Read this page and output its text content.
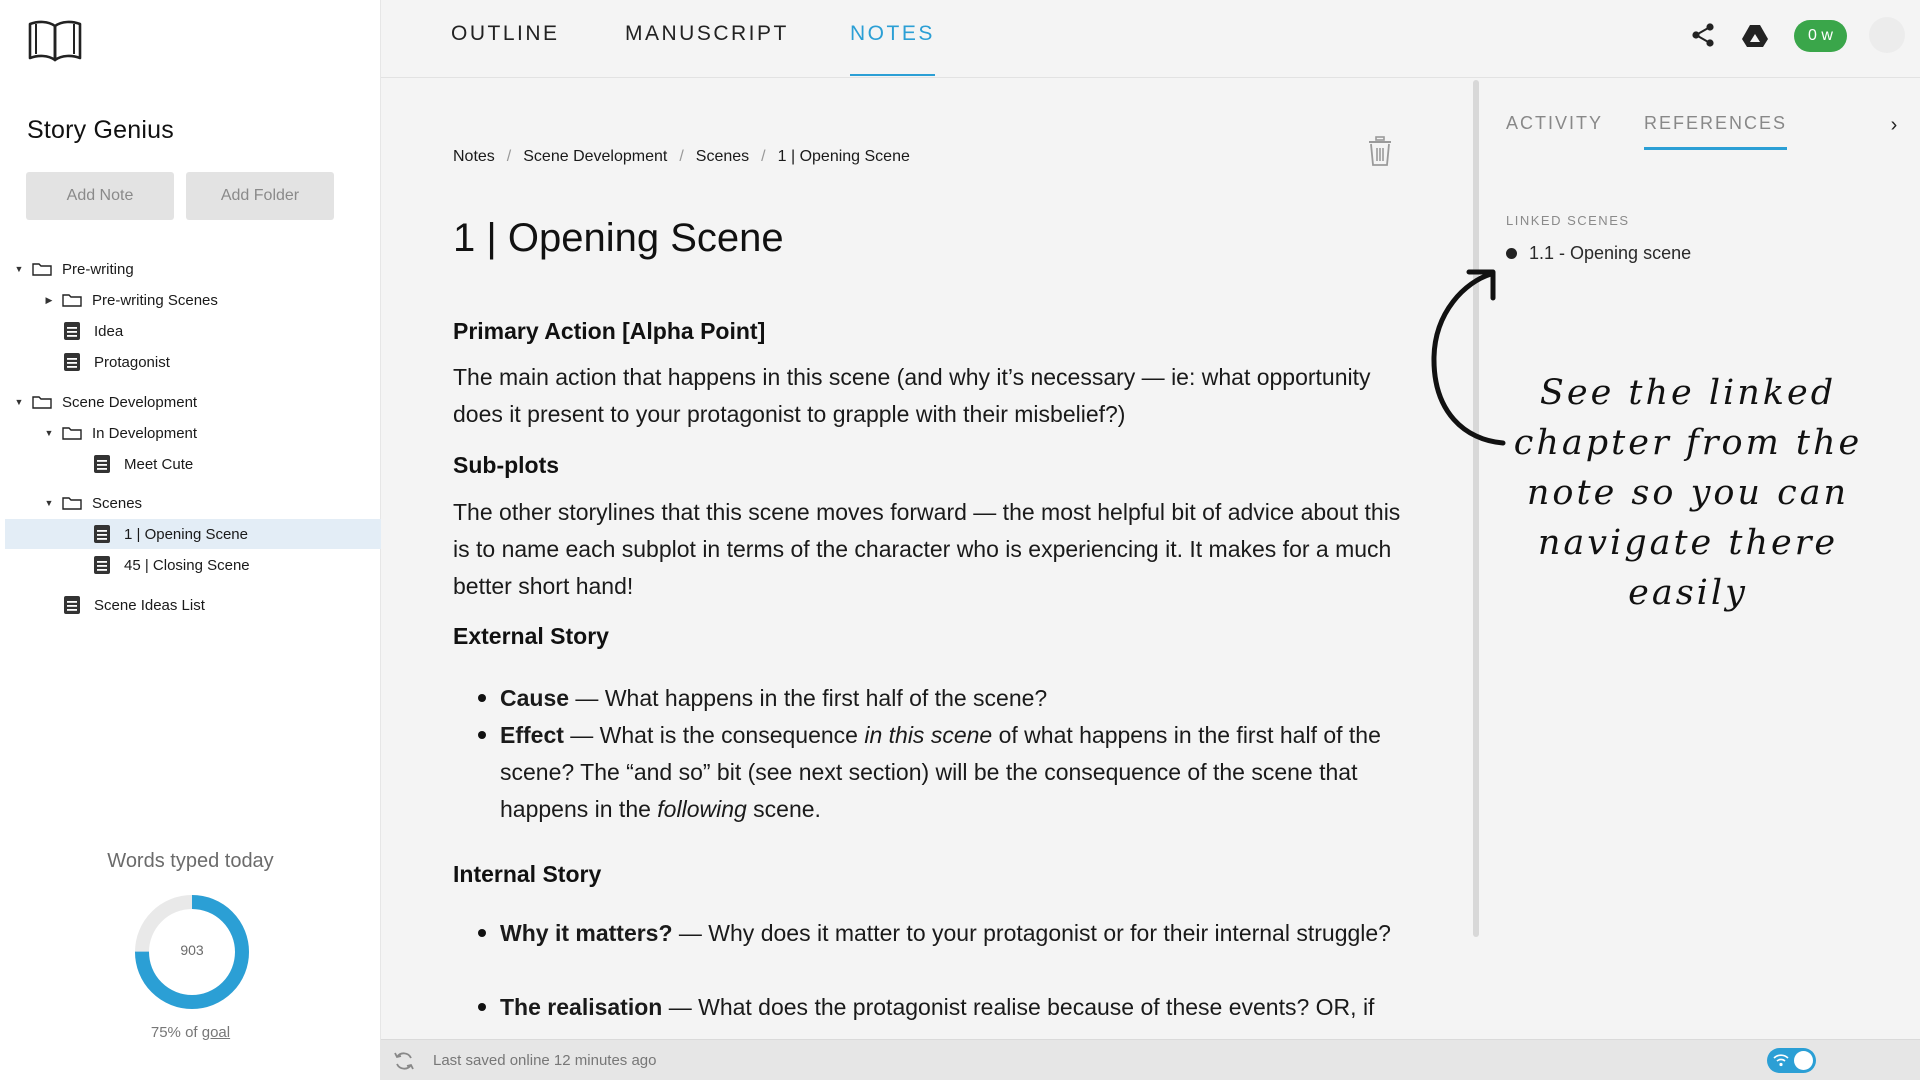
Story Genius
Add Note	Add Folder
▼	Pre-writing
▶	Pre-writing Scenes
Idea
Protagonist
▼	Scene Development
▼	In Development
Meet Cute
▼	Scenes
1 | Opening Scene
45 | Closing Scene
Scene Ideas List
Words typed today
903
75% of goal
OUTLINE	MANUSCRIPT	NOTES	0 w
Notes / Scene Development / Scenes / 1 | Opening Scene
1 | Opening Scene
Primary Action [Alpha Point]
The main action that happens in this scene (and why it’s necessary — ie: what opportunity does it present to your protagonist to grapple with their misbelief?)
Sub-plots
The other storylines that this scene moves forward — the most helpful bit of advice about this is to name each subplot in terms of the character who is experiencing it. It makes for a much better short hand!
External Story
Cause — What happens in the first half of the scene?
Effect — What is the consequence in this scene of what happens in the first half of the scene? The “and so” bit (see next section) will be the consequence of the scene that happens in the following scene.
Internal Story
Why it matters? — Why does it matter to your protagonist or for their internal struggle?
The realisation — What does the protagonist realise because of these events? OR, if
ACTIVITY REFERENCES	›
LINKED SCENES
1.1 - Opening scene
See the linked chapter from the note so you can navigate there easily
Last saved online 12 minutes ago
